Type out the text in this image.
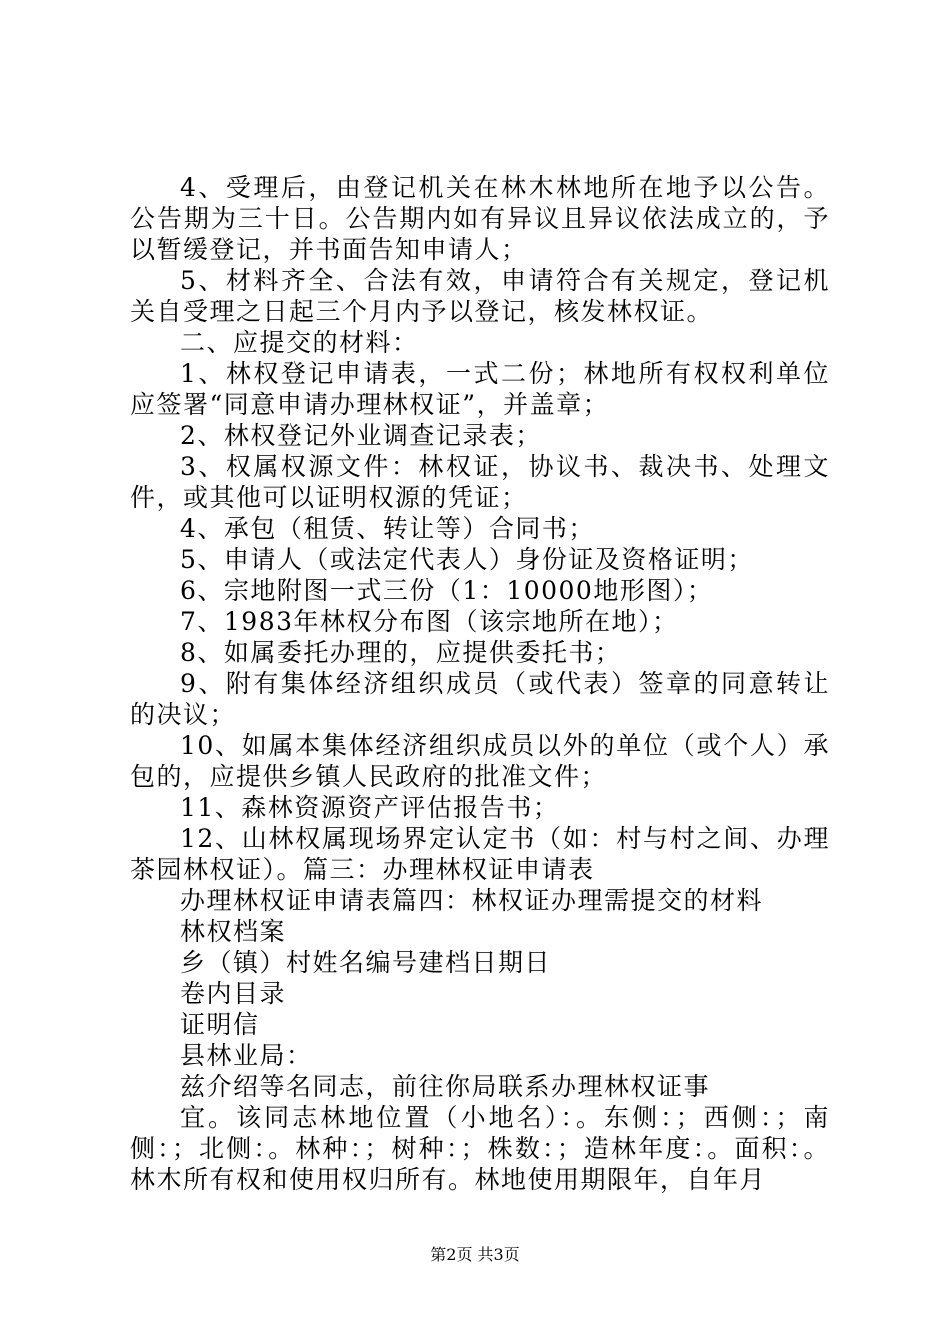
4、受理后，由登记机关在林木林地所在地予以公告。公告期为三十日。公告期内如有异议且异议依法成立的，予以暂缓登记，并书面告知申请人；

5、材料齐全、合法有效，申请符合有关规定，登记机关自受理之日起三个月内予以登记，核发林权证。

二、应提交的材料：

1、林权登记申请表，一式二份；林地所有权权利单位应签署“同意申请办理林权证”，并盖章；

2、林权登记外业调查记录表；

3、权属权源文件：林权证，协议书、裁决书、处理文件，或其他可以证明权源的凭证；

4、承包（租赁、转让等）合同书；

5、申请人（或法定代表人）身份证及资格证明；

6、宗地附图一式三份（1：10000地形图）；

7、1983年林权分布图（该宗地所在地）；

8、如属委托办理的，应提供委托书；

9、附有集体经济组织成员（或代表）签章的同意转让的决议；

10、如属本集体经济组织成员以外的单位（或个人）承包的，应提供乡镇人民政府的批准文件；

11、森林资源资产评估报告书；

12、山林权属现场界定认定书（如：村与村之间、办理茶园林权证）。篇三：办理林权证申请表

办理林权证申请表篇四：林权证办理需提交的材料

林权档案

乡（镇）村姓名编号建档日期日

卷内目录

证明信

县林业局：

兹介绍等名同志，前往你局联系办理林权证事

宜。该同志林地位置（小地名）：。东侧：；西侧：；南侧：；北侧：。林种：；树种：；株数：；造林年度：。面积：。林木所有权和使用权归所有。林地使用期限年，自年月

第2页 共3页
